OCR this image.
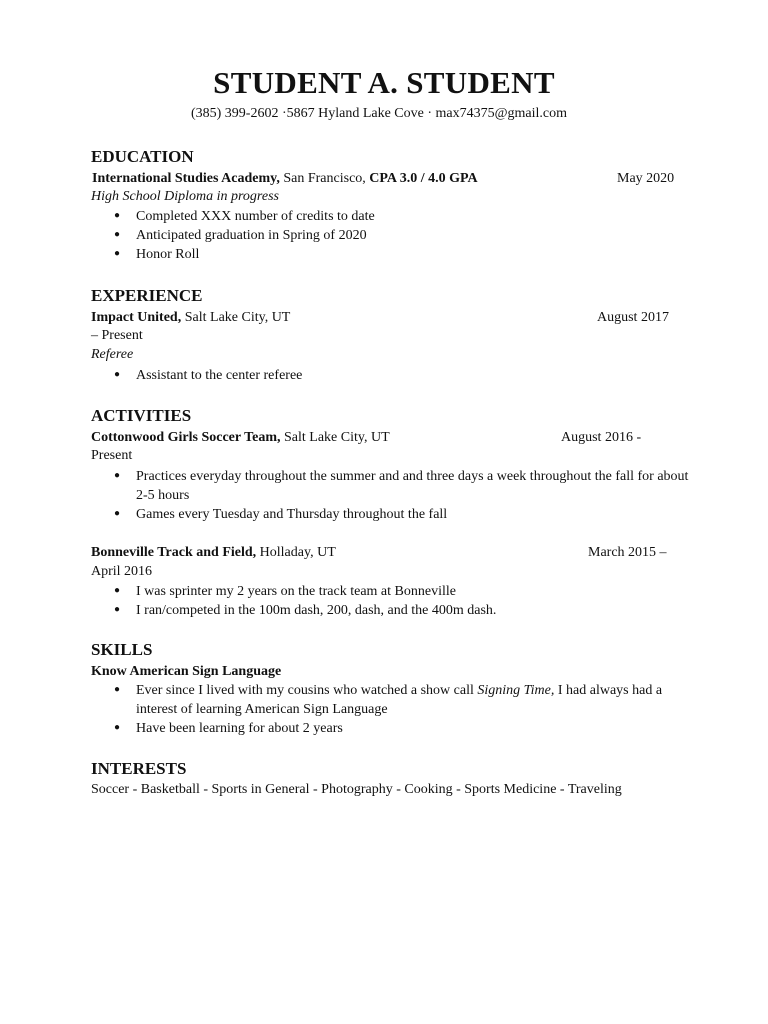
STUDENT A. STUDENT
(385) 399-2602 ·5867 Hyland Lake Cove · max74375@gmail.com
EDUCATION
International Studies Academy, San Francisco, CPA 3.0 / 4.0 GPA	May 2020
High School Diploma in progress
● Completed XXX number of credits to date
● Anticipated graduation in Spring of 2020
● Honor Roll
EXPERIENCE
Impact United, Salt Lake City, UT	August 2017
– Present
Referee
● Assistant to the center referee
ACTIVITIES
Cottonwood Girls Soccer Team, Salt Lake City, UT	August 2016 -
Present
● Practices everyday throughout the summer and and three days a week throughout the fall for about 2-5 hours
● Games every Tuesday and Thursday throughout the fall
Bonneville Track and Field, Holladay, UT	March 2015 –
April 2016
● I was sprinter my 2 years on the track team at Bonneville
● I ran/competed in the 100m dash, 200, dash, and the 400m dash.
SKILLS
Know American Sign Language
● Ever since I lived with my cousins who watched a show call Signing Time, I had always had a interest of learning American Sign Language
● Have been learning for about 2 years
INTERESTS
Soccer - Basketball - Sports in General - Photography - Cooking - Sports Medicine - Traveling
